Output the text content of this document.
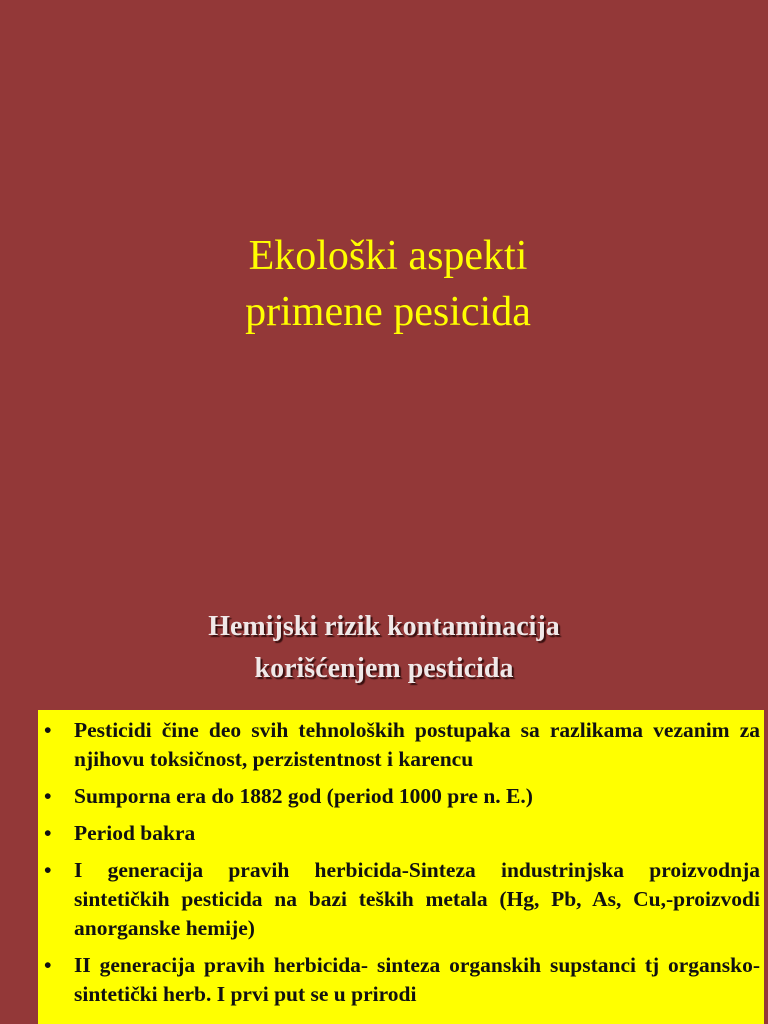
Ekološki aspekti
primene pesicida
Hemijski rizik kontaminacija
korišćenjem pesticida
• Pesticidi čine deo svih tehnoloških postupaka sa razlikama vezanim za njihovu toksičnost, perzistentnost i karencu
• Sumporna era do 1882 god (period 1000 pre n. E.)
• Period bakra
• I generacija pravih herbicida-Sinteza industrinjska proizvodnja sintetičkih pesticida na bazi teških metala (Hg, Pb, As, Cu,-proizvodi anorganske hemije)
• II generacija pravih herbicida- sinteza organskih supstanci tj organsko-sintetički herb. I prvi put se u prirodi
